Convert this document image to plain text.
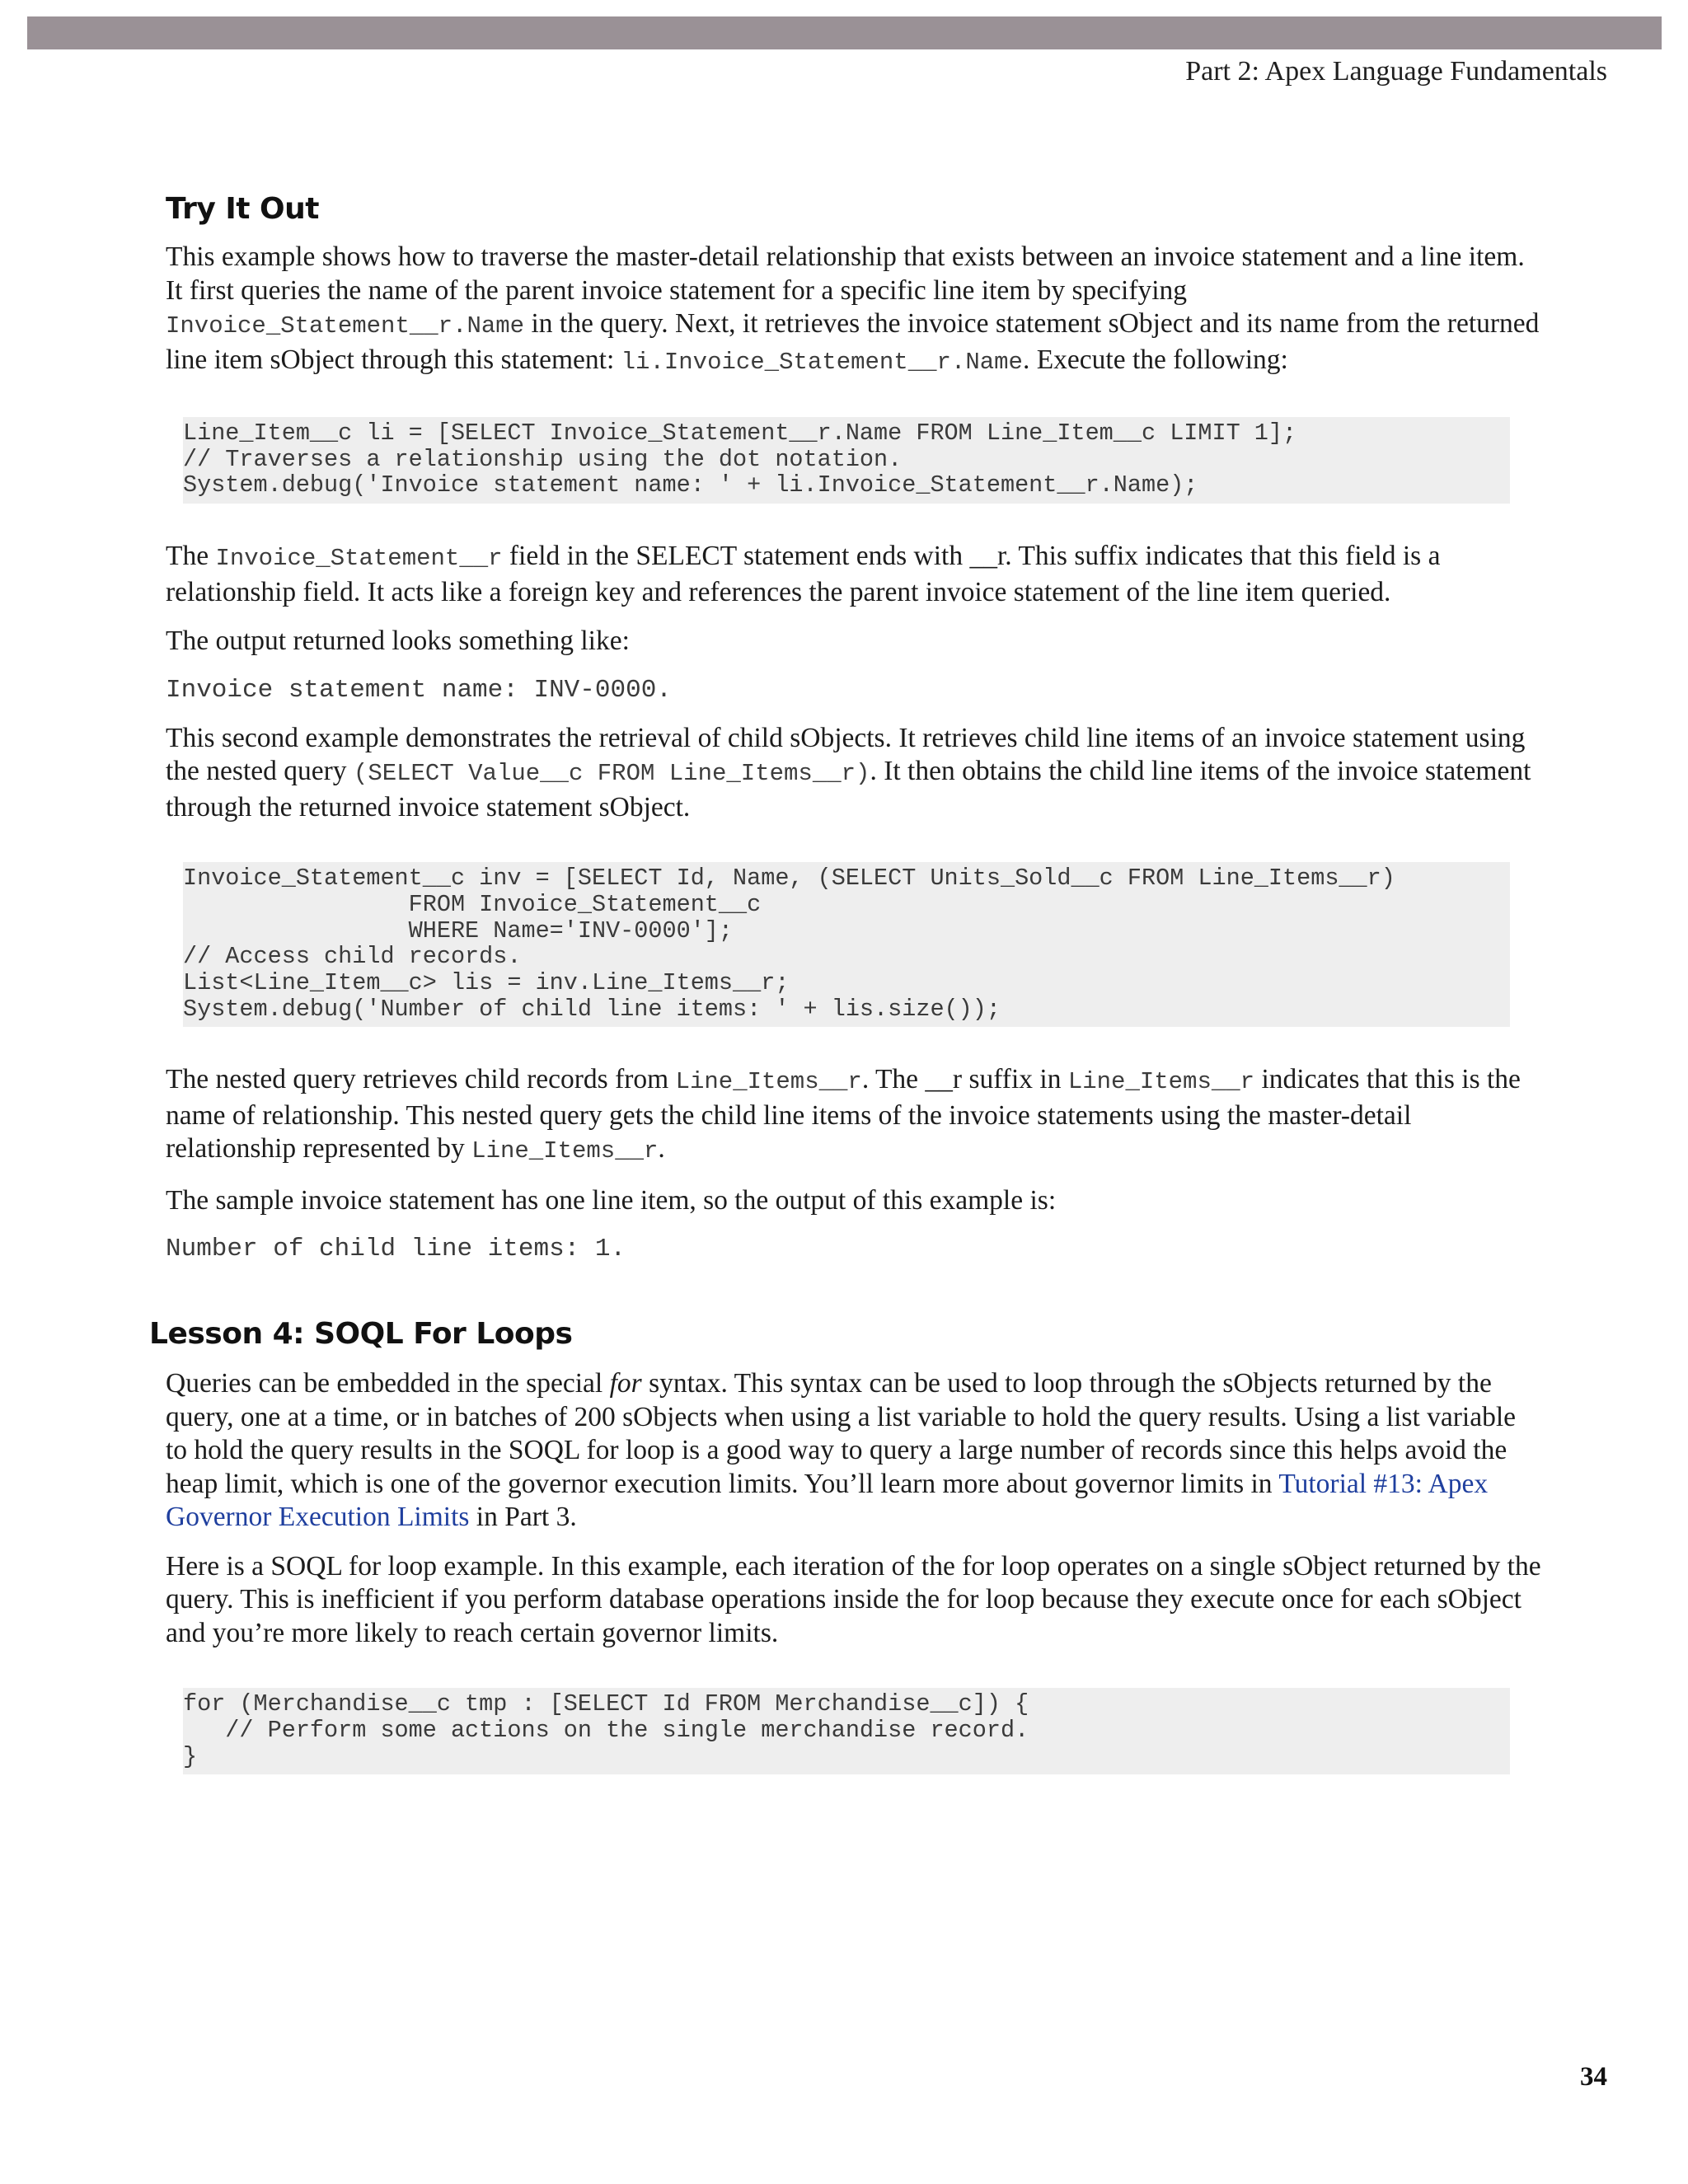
Part 2: Apex Language Fundamentals
Try It Out

This example shows how to traverse the master-detail relationship that exists between an invoice statement and a line item. It first queries the name of the parent invoice statement for a specific line item by specifying Invoice_Statement__r.Name in the query. Next, it retrieves the invoice statement sObject and its name from the returned line item sObject through this statement: li.Invoice_Statement__r.Name. Execute the following:

Line_Item__c li = [SELECT Invoice_Statement__r.Name FROM Line_Item__c LIMIT 1];
// Traverses a relationship using the dot notation.
System.debug('Invoice statement name: ' + li.Invoice_Statement__r.Name);

The Invoice_Statement__r field in the SELECT statement ends with __r. This suffix indicates that this field is a relationship field. It acts like a foreign key and references the parent invoice statement of the line item queried.

The output returned looks something like:

Invoice statement name: INV-0000.

This second example demonstrates the retrieval of child sObjects. It retrieves child line items of an invoice statement using the nested query (SELECT Value__c FROM Line_Items__r). It then obtains the child line items of the invoice statement through the returned invoice statement sObject.

Invoice_Statement__c inv = [SELECT Id, Name, (SELECT Units_Sold__c FROM Line_Items__r)
FROM Invoice_Statement__c
WHERE Name='INV-0000'];
// Access child records.
List<Line_Item__c> lis = inv.Line_Items__r;
System.debug('Number of child line items: ' + lis.size());

The nested query retrieves child records from Line_Items__r. The __r suffix in Line_Items__r indicates that this is the name of relationship. This nested query gets the child line items of the invoice statements using the master-detail relationship represented by Line_Items__r.

The sample invoice statement has one line item, so the output of this example is:

Number of child line items: 1.
Lesson 4: SOQL For Loops

Queries can be embedded in the special for syntax. This syntax can be used to loop through the sObjects returned by the query, one at a time, or in batches of 200 sObjects when using a list variable to hold the query results. Using a list variable to hold the query results in the SOQL for loop is a good way to query a large number of records since this helps avoid the heap limit, which is one of the governor execution limits. You’ll learn more about governor limits in Tutorial #13: Apex Governor Execution Limits in Part 3.

Here is a SOQL for loop example. In this example, each iteration of the for loop operates on a single sObject returned by the query. This is inefficient if you perform database operations inside the for loop because they execute once for each sObject and you’re more likely to reach certain governor limits.

for (Merchandise__c tmp : [SELECT Id FROM Merchandise__c]) {
// Perform some actions on the single merchandise record.
}
34
